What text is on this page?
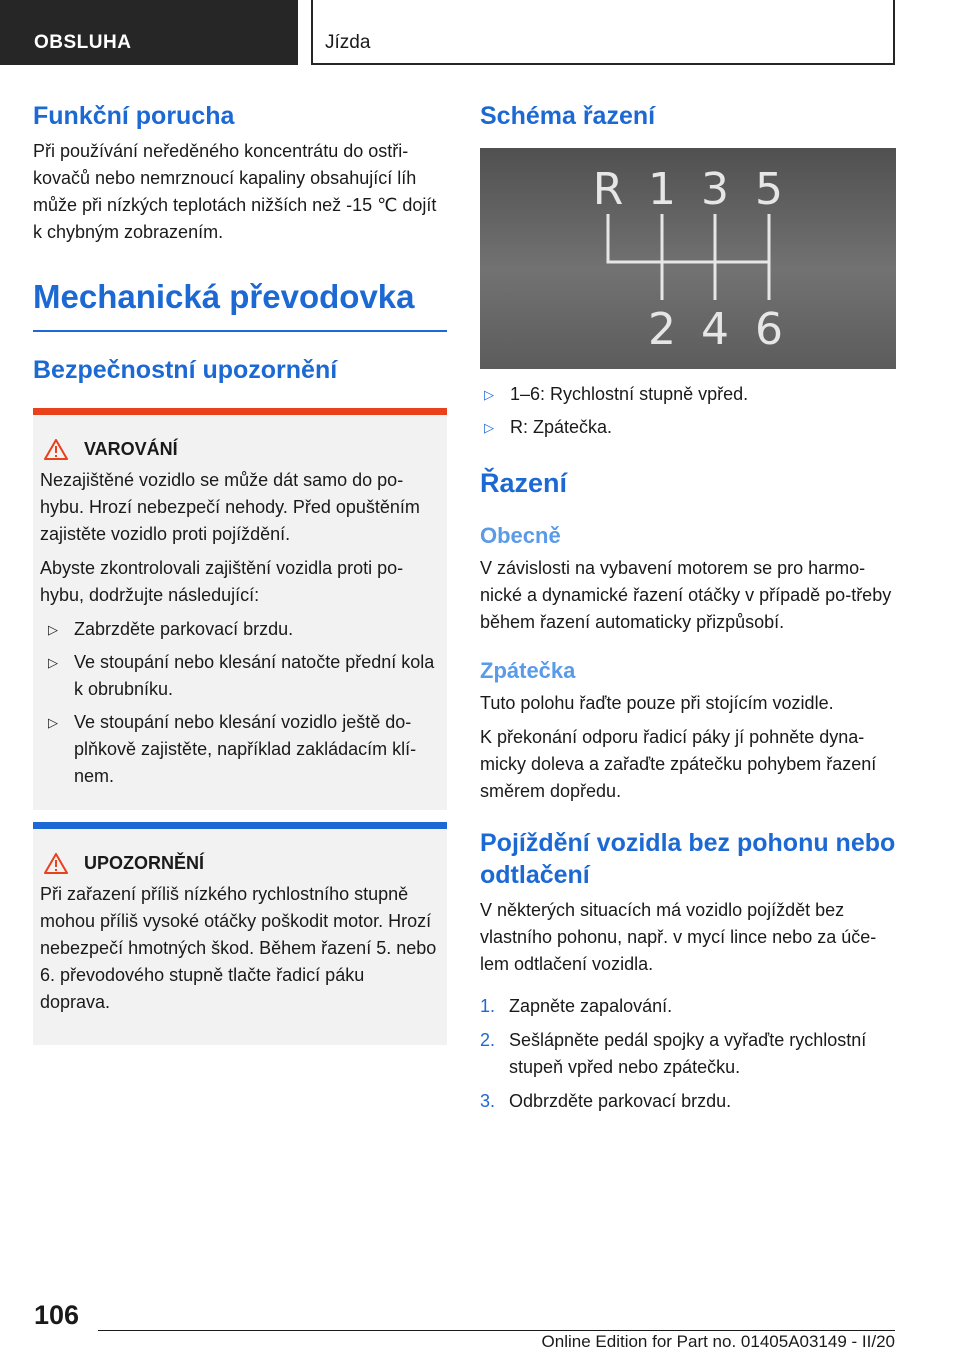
OBSLUHA	Jízda
Funkční porucha

Při používání neředěného koncentrátu do ostři-kovačů nebo nemrznoucí kapaliny obsahující líh může při nízkých teplotách nižších než -15 ℃ dojít k chybným zobrazením.

Mechanická převodovka
Bezpečnostní upozornění
VAROVÁNÍ

Nezajištěné vozidlo se může dát samo do po-hybu. Hrozí nebezpečí nehody. Před opuštěním zajistěte vozidlo proti pojíždění.

Abyste zkontrolovali zajištění vozidla proti po-hybu, dodržujte následující:

▷ Zabrzděte parkovací brzdu.
▷ Ve stoupání nebo klesání natočte přední kola k obrubníku.
▷ Ve stoupání nebo klesání vozidlo ještě do-plňkově zajistěte, například zakládacím klí-nem.
UPOZORNĚNÍ

Při zařazení příliš nízkého rychlostního stupně mohou příliš vysoké otáčky poškodit motor. Hrozí nebezpečí hmotných škod. Během řazení 5. nebo 6. převodového stupně tlačte řadicí páku doprava.

Schéma řazení
R 1 3 5
2 4 6
▷ 1–6: Rychlostní stupně vpřed.
▷ R: Zpátečka.
Řazení
Obecně

V závislosti na vybavení motorem se pro harmo-nické a dynamické řazení otáčky v případě po-třeby během řazení automaticky přizpůsobí.

Zpátečka

Tuto polohu řaďte pouze při stojícím vozidle.

K překonání odporu řadicí páky jí pohněte dyna-micky doleva a zařaďte zpátečku pohybem řazení směrem dopředu.

Pojíždění vozidla bez pohonu nebo odtlačení

V některých situacích má vozidlo pojíždět bez vlastního pohonu, např. v mycí lince nebo za úče-lem odtlačení vozidla.

1. Zapněte zapalování.
2. Sešlápněte pedál spojky a vyřaďte rychlostní stupeň vpřed nebo zpátečku.
3. Odbrzděte parkovací brzdu.
106
Online Edition for Part no. 01405A03149 - II/20
